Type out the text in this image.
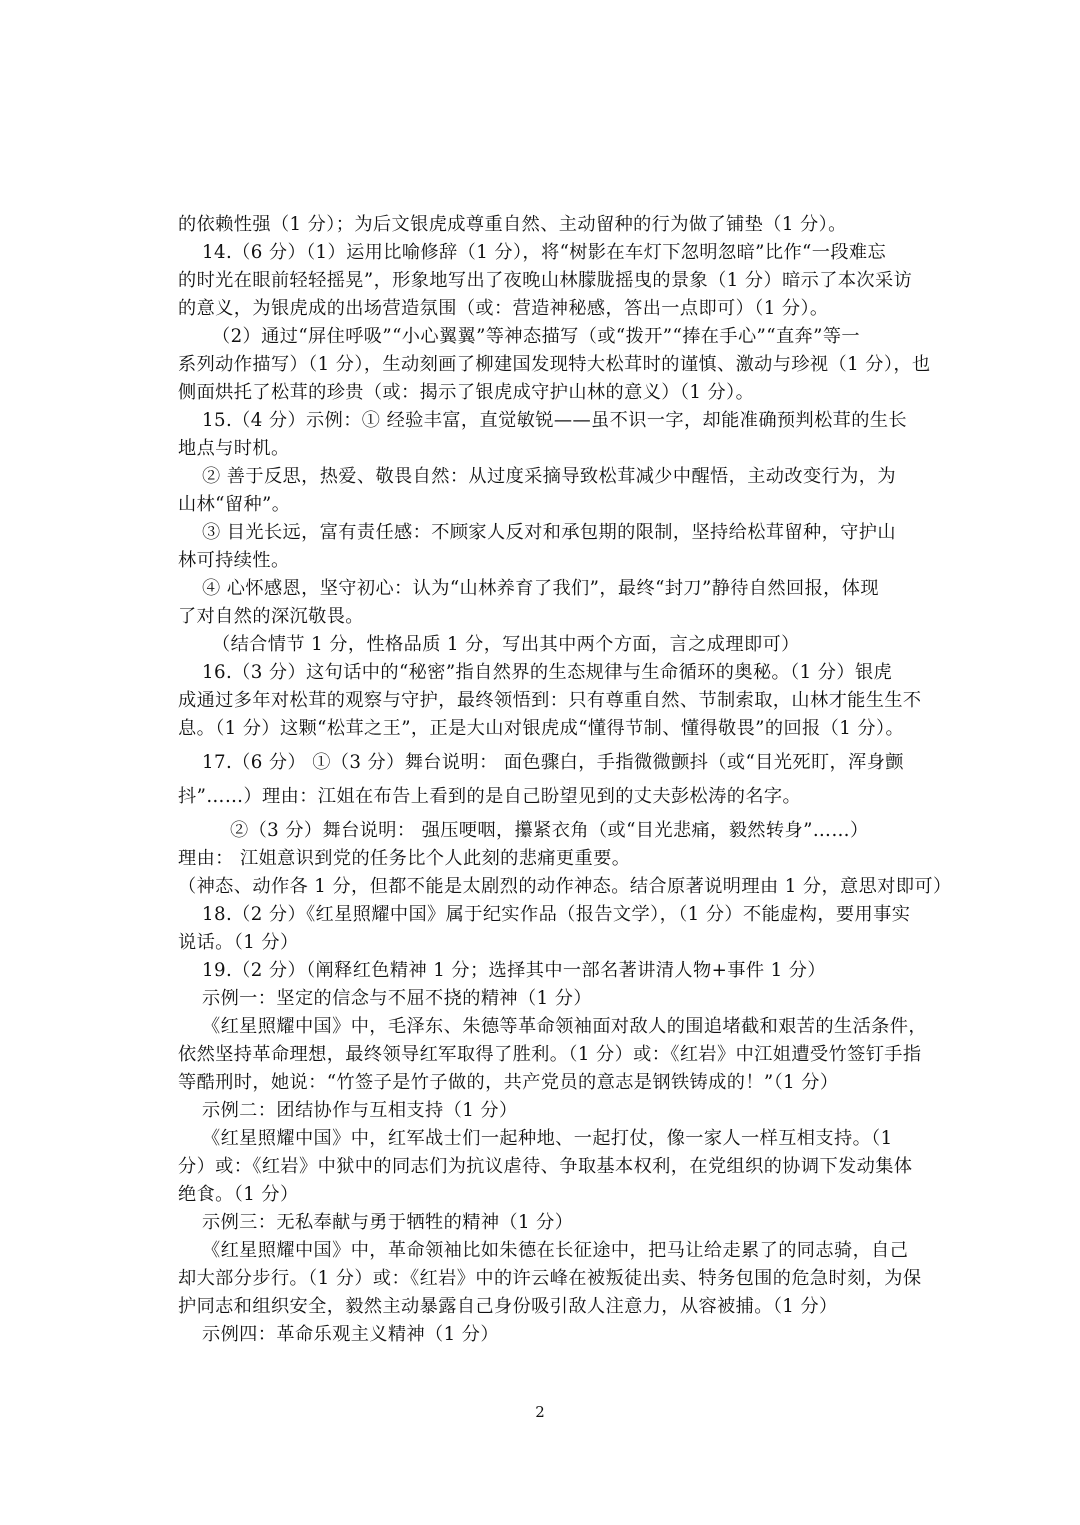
的依赖性强（1 分）；为后文银虎成尊重自然、主动留种的行为做了铺垫（1 分）。
14.（6 分）（1）运用比喻修辞（1 分），将“树影在车灯下忽明忽暗”比作“一段难忘
的时光在眼前轻轻摇晃”，形象地写出了夜晚山林朦胧摇曳的景象（1 分）暗示了本次采访
的意义，为银虎成的出场营造氛围（或：营造神秘感，答出一点即可）（1 分）。
（2）通过“屏住呼吸”“小心翼翼”等神态描写（或“拨开”“捧在手心”“直奔”等一
系列动作描写）（1 分），生动刻画了柳建国发现特大松茸时的谨慎、激动与珍视（1 分），也
侧面烘托了松茸的珍贵（或：揭示了银虎成守护山林的意义）（1 分）。
15.（4 分）示例：① 经验丰富，直觉敏锐——虽不识一字，却能准确预判松茸的生长
地点与时机。
② 善于反思，热爱、敬畏自然：从过度采摘导致松茸减少中醒悟，主动改变行为，为
山林“留种”。
③ 目光长远，富有责任感：不顾家人反对和承包期的限制，坚持给松茸留种，守护山
林可持续性。
④ 心怀感恩，坚守初心：认为“山林养育了我们”，最终“封刀”静待自然回报，体现
了对自然的深沉敬畏。
（结合情节 1 分，性格品质 1 分，写出其中两个方面，言之成理即可）
16.（3 分）这句话中的“秘密”指自然界的生态规律与生命循环的奥秘。（1 分）银虎
成通过多年对松茸的观察与守护，最终领悟到：只有尊重自然、节制索取，山林才能生生不
息。（1 分）这颗“松茸之王”，正是大山对银虎成“懂得节制、懂得敬畏”的回报（1 分）。
17.（6 分） ①（3 分）舞台说明： 面色骤白，手指微微颤抖（或“目光死盯，浑身颤
抖”……）理由：江姐在布告上看到的是自己盼望见到的丈夫彭松涛的名字。
②（3 分）舞台说明： 强压哽咽，攥紧衣角（或“目光悲痛，毅然转身”……）
理由： 江姐意识到党的任务比个人此刻的悲痛更重要。
（神态、动作各 1 分，但都不能是太剧烈的动作神态。结合原著说明理由 1 分，意思对即可）
18.（2 分）《红星照耀中国》属于纪实作品（报告文学），（1 分）不能虚构，要用事实
说话。（1 分）
19.（2 分）（阐释红色精神 1 分；选择其中一部名著讲清人物+事件 1 分）
示例一：坚定的信念与不屈不挠的精神（1 分）
《红星照耀中国》中，毛泽东、朱德等革命领袖面对敌人的围追堵截和艰苦的生活条件，
依然坚持革命理想，最终领导红军取得了胜利。（1 分）或：《红岩》中江姐遭受竹签钉手指
等酷刑时，她说：“竹签子是竹子做的，共产党员的意志是钢铁铸成的！”（1 分）
示例二：团结协作与互相支持（1 分）
《红星照耀中国》中，红军战士们一起种地、一起打仗，像一家人一样互相支持。（1
分）或：《红岩》中狱中的同志们为抗议虐待、争取基本权利，在党组织的协调下发动集体
绝食。（1 分）
示例三：无私奉献与勇于牺牲的精神（1 分）
《红星照耀中国》中，革命领袖比如朱德在长征途中，把马让给走累了的同志骑，自己
却大部分步行。（1 分）或：《红岩》中的许云峰在被叛徒出卖、特务包围的危急时刻，为保
护同志和组织安全，毅然主动暴露自己身份吸引敌人注意力，从容被捕。（1 分）
示例四：革命乐观主义精神（1 分）
2
